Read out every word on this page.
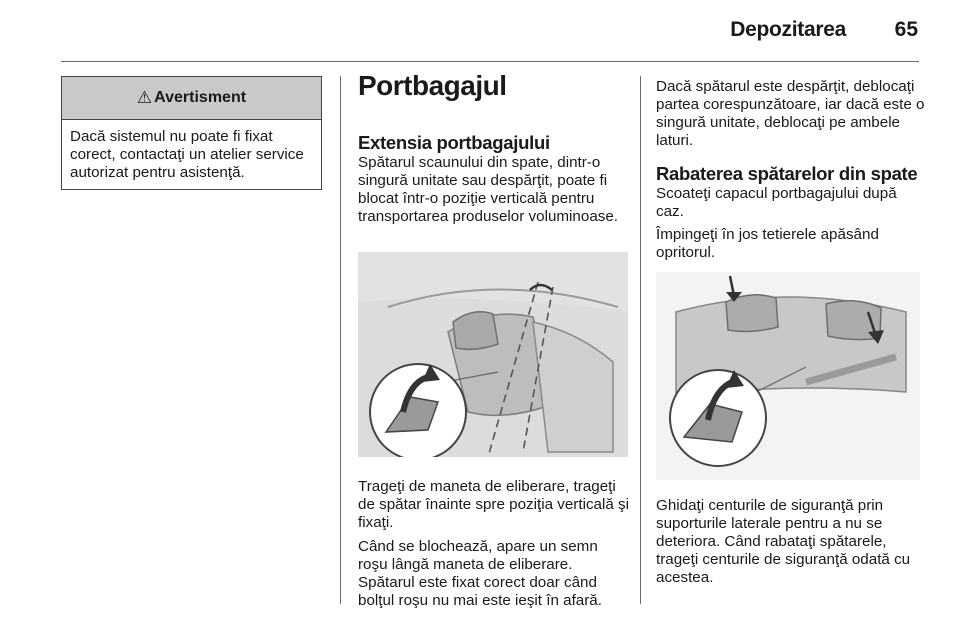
Depozitarea	65
⚠ Avertisment
Dacă sistemul nu poate fi fixat corect, contactaţi un atelier service autorizat pentru asistenţă.
Portbagajul
Extensia portbagajului
Spătarul scaunului din spate, dintr-o singură unitate sau despărţit, poate fi blocat într-o poziţie verticală pentru transportarea produselor voluminoase.
Trageţi de maneta de eliberare, trageţi de spătar înainte spre poziţia verticală şi fixaţi.
Când se blochează, apare un semn roşu lângă maneta de eliberare. Spătarul este fixat corect doar când bolţul roşu nu mai este ieşit în afară.
Dacă spătarul este despărţit, deblocaţi partea corespunzătoare, iar dacă este o singură unitate, deblocaţi pe ambele laturi.
Rabaterea spătarelor din spate
Scoateţi capacul portbagajului după caz.
Împingeţi în jos tetierele apăsând opritorul.
Ghidaţi centurile de siguranţă prin suporturile laterale pentru a nu se deteriora. Când rabataţi spătarele, trageţi centurile de siguranţă odată cu acestea.
